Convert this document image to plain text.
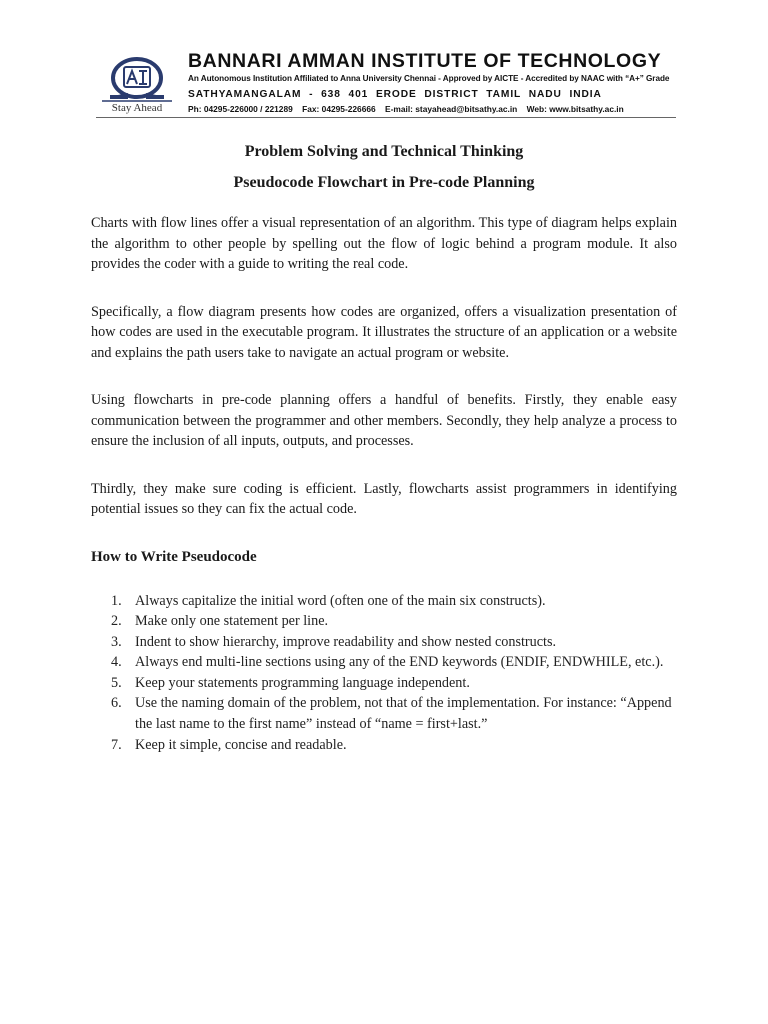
Stay Ahead
BANNARI AMMAN INSTITUTE OF TECHNOLOGY
An Autonomous Institution Affiliated to Anna University Chennai - Approved by AICTE - Accredited by NAAC with “A+” Grade
SATHYAMANGALAM - 638 401 ERODE DISTRICT TAMIL NADU INDIA
Ph: 04295-226000 / 221289 Fax: 04295-226666 E-mail: stayahead@bitsathy.ac.in Web: www.bitsathy.ac.in
Problem Solving and Technical Thinking
Pseudocode Flowchart in Pre-code Planning

Charts with flow lines offer a visual representation of an algorithm. This type of diagram helps explain the algorithm to other people by spelling out the flow of logic behind a program module. It also provides the coder with a guide to writing the real code.

Specifically, a flow diagram presents how codes are organized, offers a visualization presentation of how codes are used in the executable program. It illustrates the structure of an application or a website and explains the path users take to navigate an actual program or website.

Using flowcharts in pre-code planning offers a handful of benefits. Firstly, they enable easy communication between the programmer and other members. Secondly, they help analyze a process to ensure the inclusion of all inputs, outputs, and processes.

Thirdly, they make sure coding is efficient. Lastly, flowcharts assist programmers in identifying potential issues so they can fix the actual code.

How to Write Pseudocode
1. Always capitalize the initial word (often one of the main six constructs).
2. Make only one statement per line.
3. Indent to show hierarchy, improve readability and show nested constructs.
4. Always end multi-line sections using any of the END keywords (ENDIF, ENDWHILE, etc.).
5. Keep your statements programming language independent.
6. Use the naming domain of the problem, not that of the implementation. For instance: “Append the last name to the first name” instead of “name = first+last.”
7. Keep it simple, concise and readable.
